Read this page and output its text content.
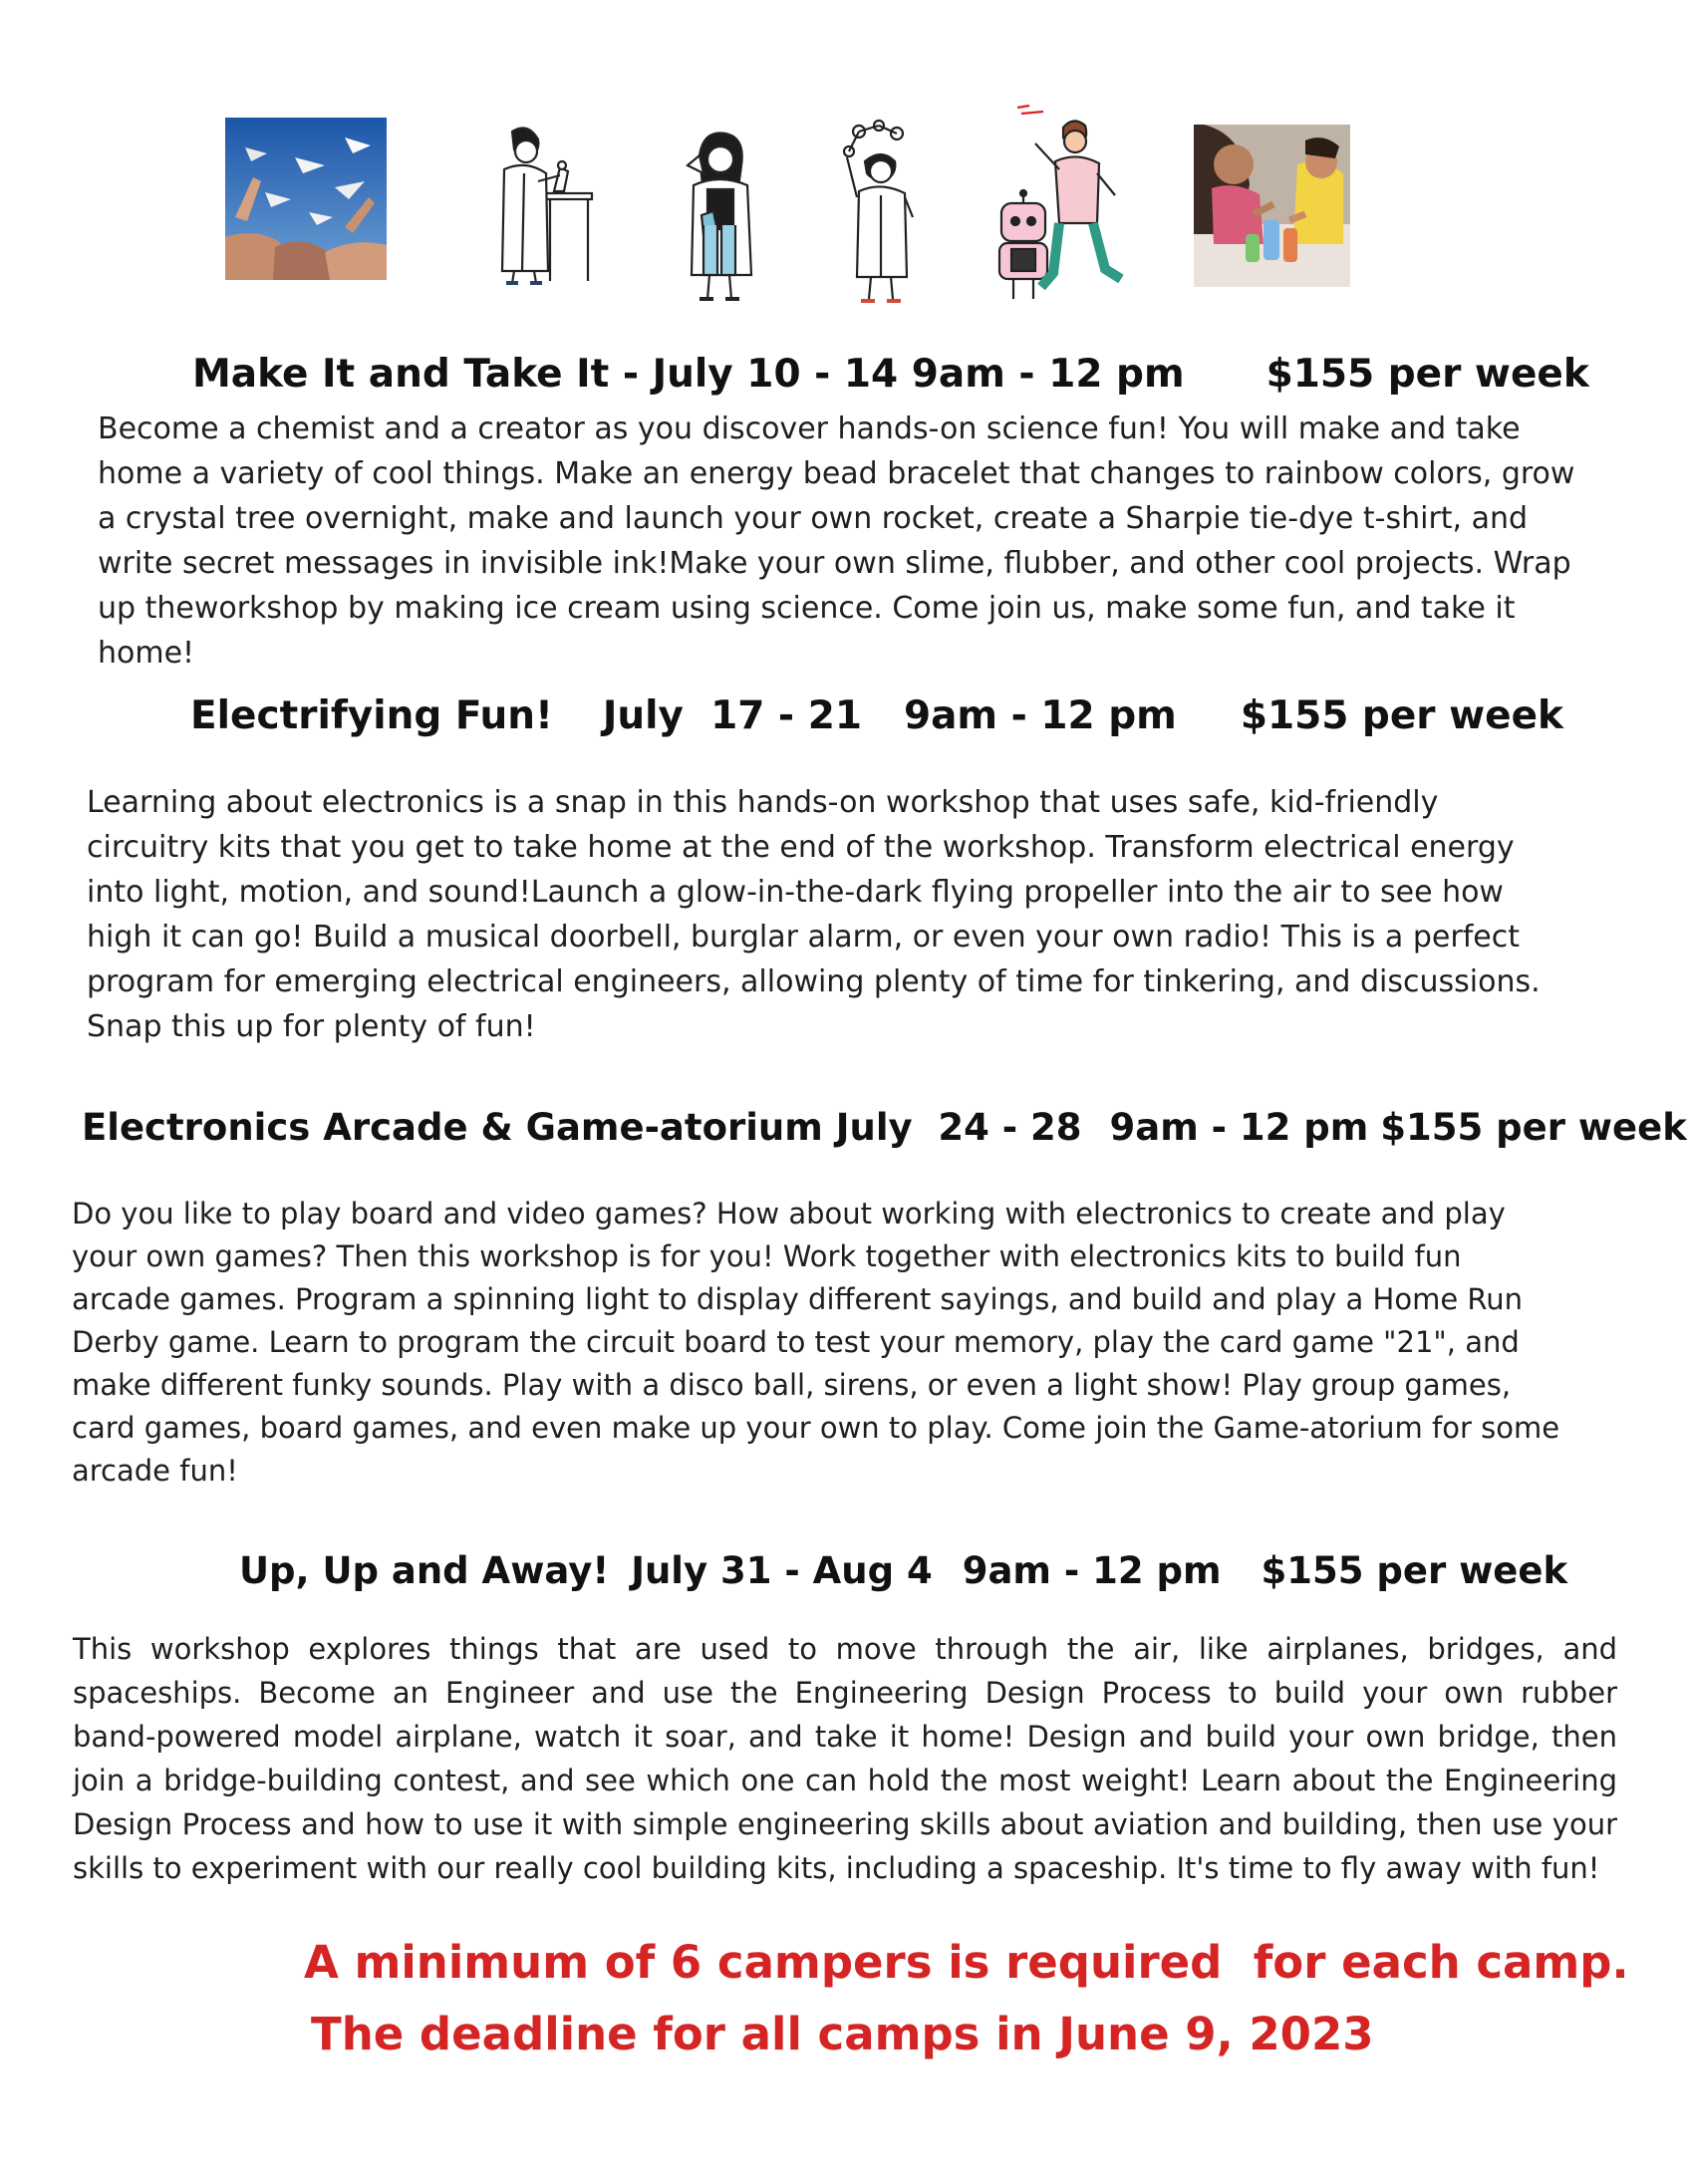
Make It and Take It - July 10 - 14 9am - 12 pm $155 per week

Become a chemist and a creator as you discover hands-on science fun! You will make and take
home a variety of cool things. Make an energy bead bracelet that changes to rainbow colors, grow
a crystal tree overnight, make and launch your own rocket, create a Sharpie tie-dye t-shirt, and
write secret messages in invisible ink!Make your own slime, flubber, and other cool projects. Wrap
up theworkshop by making ice cream using science. Come join us, make some fun, and take it
home!

Electrifying Fun! July  17 - 21 9am - 12 pm $155 per week

Learning about electronics is a snap in this hands-on workshop that uses safe, kid-friendly
circuitry kits that you get to take home at the end of the workshop. Transform electrical energy
into light, motion, and sound!Launch a glow-in-the-dark flying propeller into the air to see how
high it can go! Build a musical doorbell, burglar alarm, or even your own radio! This is a perfect
program for emerging electrical engineers, allowing plenty of time for tinkering, and discussions.
Snap this up for plenty of fun!

Electronics Arcade & Game-atorium July  24 - 28 9am - 12 pm $155 per week

Do you like to play board and video games? How about working with electronics to create and play
your own games? Then this workshop is for you! Work together with electronics kits to build fun
arcade games. Program a spinning light to display different sayings, and build and play a Home Run
Derby game. Learn to program the circuit board to test your memory, play the card game "21", and
make different funky sounds. Play with a disco ball, sirens, or even a light show! Play group games,
card games, board games, and even make up your own to play. Come join the Game-atorium for some
arcade fun!

Up, Up and Away! July 31 - Aug 4 9am - 12 pm $155 per week

This workshop explores things that are used to move through the air, like airplanes, bridges, and
spaceships. Become an Engineer and use the Engineering Design Process to build your own rubber
band-powered model airplane, watch it soar, and take it home! Design and build your own bridge, then
join a bridge-building contest, and see which one can hold the most weight! Learn about the Engineering
Design Process and how to use it with simple engineering skills about aviation and building, then use your
skills to experiment with our really cool building kits, including a spaceship. It's time to fly away with fun!

A minimum of 6 campers is required  for each camp.

The deadline for all camps in June 9, 2023
